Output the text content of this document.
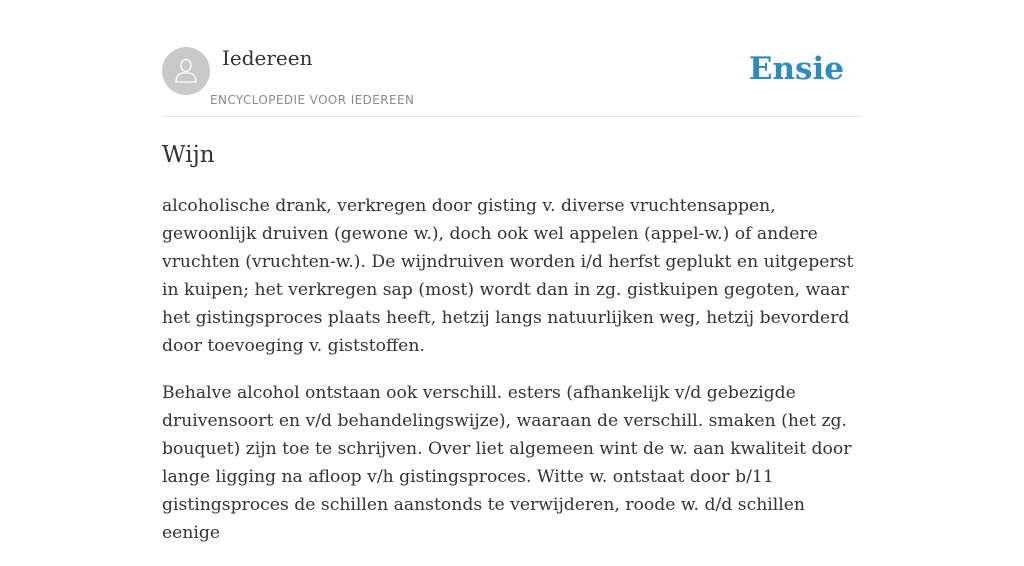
Iedereen
ENCYCLOPEDIE VOOR IEDEREEN
Ensie
Wijn

alcoholische drank, verkregen door gisting v. diverse vruchtensappen, gewoonlijk druiven (gewone w.), doch ook wel appelen (appel-w.) of andere vruchten (vruchten-w.). De wijndruiven worden i/d herfst geplukt en uitgeperst in kuipen; het verkregen sap (most) wordt dan in zg. gistkuipen gegoten, waar het gistingsproces plaats heeft, hetzij langs natuurlijken weg, hetzij bevorderd door toevoeging v. giststoffen.

Behalve alcohol ontstaan ook verschill. esters (afhankelijk v/d gebezigde druivensoort en v/d behandelingswijze), waaraan de verschill. smaken (het zg. bouquet) zijn toe te schrijven. Over liet algemeen wint de w. aan kwaliteit door lange ligging na afloop v/h gistingsproces. Witte w. ontstaat door b/11 gistingsproces de schillen aanstonds te verwijderen, roode w. d/d schillen eenige
